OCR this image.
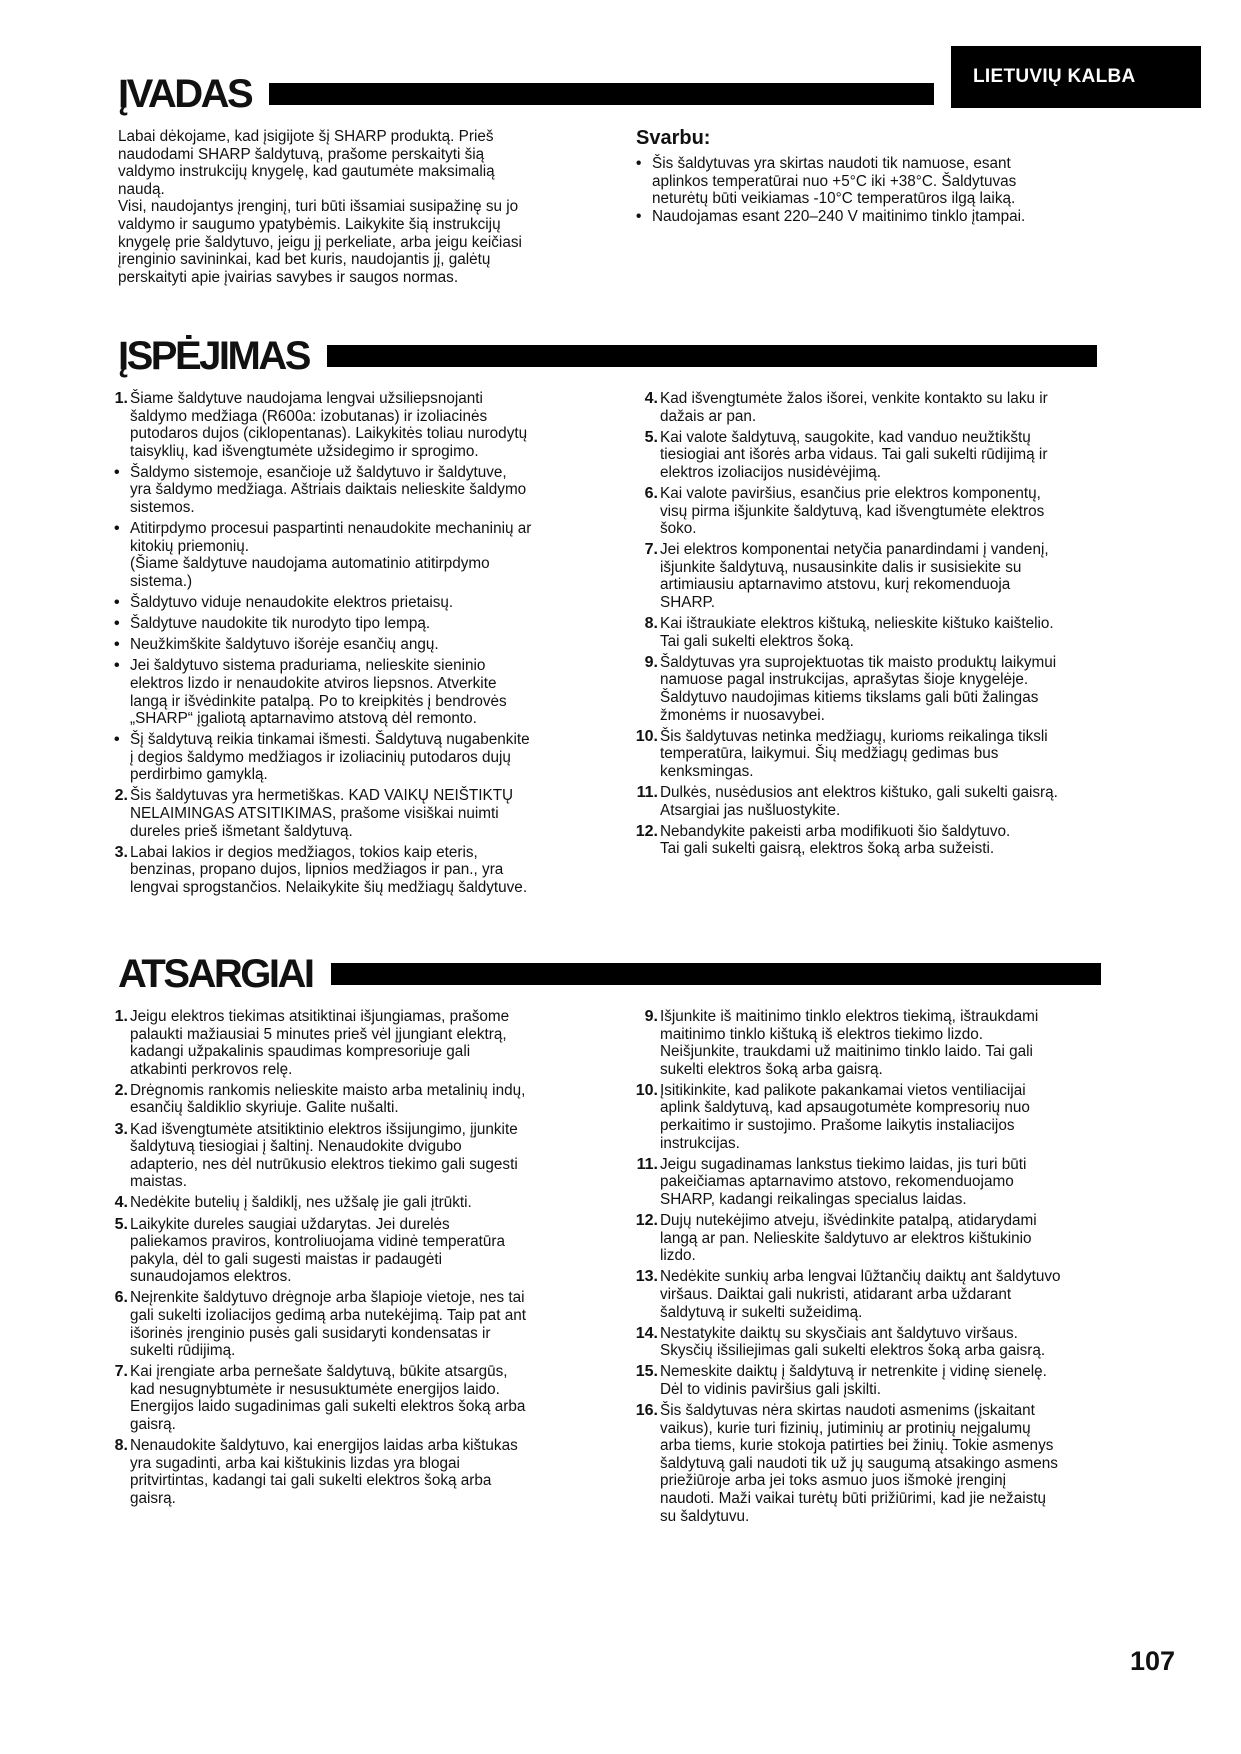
LIETUVIŲ KALBA
ĮVADAS

Labai dėkojame, kad įsigijote šį SHARP produktą. Prieš

naudodami SHARP šaldytuvą, prašome perskaityti šią

valdymo instrukcijų knygelę, kad gautumėte maksimalią

naudą.

Visi, naudojantys įrenginį, turi būti išsamiai susipažinę su jo

valdymo ir saugumo ypatybėmis. Laikykite šią instrukcijų

knygelę prie šaldytuvo, jeigu jį perkeliate, arba jeigu keičiasi

įrenginio savininkai, kad bet kuris, naudojantis jį, galėtų

perskaityti apie įvairias savybes ir saugos normas.

Svarbu:
• Šis šaldytuvas yra skirtas naudoti tik namuose, esant
aplinkos temperatūrai nuo +5°C iki +38°C. Šaldytuvas
neturėtų būti veikiamas -10°C temperatūros ilgą laiką.
• Naudojamas esant 220–240 V maitinimo tinklo įtampai.
ĮSPĖJIMAS
1. Šiame šaldytuve naudojama lengvai užsiliepsnojanti
šaldymo medžiaga (R600a: izobutanas) ir izoliacinės
putodaros dujos (ciklopentanas). Laikykitės toliau nurodytų
taisyklių, kad išvengtumėte užsidegimo ir sprogimo.
• Šaldymo sistemoje, esančioje už šaldytuvo ir šaldytuve,
yra šaldymo medžiaga. Aštriais daiktais nelieskite šaldymo
sistemos.
• Atitirpdymo procesui paspartinti nenaudokite mechaninių ar
kitokių priemonių.
(Šiame šaldytuve naudojama automatinio atitirpdymo
sistema.)
• Šaldytuvo viduje nenaudokite elektros prietaisų.
• Šaldytuve naudokite tik nurodyto tipo lempą.
• Neužkimškite šaldytuvo išorėje esančių angų.
• Jei šaldytuvo sistema praduriama, nelieskite sieninio
elektros lizdo ir nenaudokite atviros liepsnos. Atverkite
langą ir išvėdinkite patalpą. Po to kreipkitės į bendrovės
„SHARP“ įgaliotą aptarnavimo atstovą dėl remonto.
• Šį šaldytuvą reikia tinkamai išmesti. Šaldytuvą nugabenkite
į degios šaldymo medžiagos ir izoliacinių putodaros dujų
perdirbimo gamyklą.
2. Šis šaldytuvas yra hermetiškas. KAD VAIKŲ NEIŠTIKTŲ
NELAIMINGAS ATSITIKIMAS, prašome visiškai nuimti
dureles prieš išmetant šaldytuvą.
3. Labai lakios ir degios medžiagos, tokios kaip eteris,
benzinas, propano dujos, lipnios medžiagos ir pan., yra
lengvai sprogstančios. Nelaikykite šių medžiagų šaldytuve.
4. Kad išvengtumėte žalos išorei, venkite kontakto su laku ir
dažais ar pan.
5. Kai valote šaldytuvą, saugokite, kad vanduo neužtikštų
tiesiogiai ant išorės arba vidaus. Tai gali sukelti rūdijimą ir
elektros izoliacijos nusidėvėjimą.
6. Kai valote paviršius, esančius prie elektros komponentų,
visų pirma išjunkite šaldytuvą, kad išvengtumėte elektros
šoko.
7. Jei elektros komponentai netyčia panardindami į vandenį,
išjunkite šaldytuvą, nusausinkite dalis ir susisiekite su
artimiausiu aptarnavimo atstovu, kurį rekomenduoja
SHARP.
8. Kai ištraukiate elektros kištuką, nelieskite kištuko kaištelio.
Tai gali sukelti elektros šoką.
9. Šaldytuvas yra suprojektuotas tik maisto produktų laikymui
namuose pagal instrukcijas, aprašytas šioje knygelėje.
Šaldytuvo naudojimas kitiems tikslams gali būti žalingas
žmonėms ir nuosavybei.
10. Šis šaldytuvas netinka medžiagų, kurioms reikalinga tiksli
temperatūra, laikymui. Šių medžiagų gedimas bus
kenksmingas.
11. Dulkės, nusėdusios ant elektros kištuko, gali sukelti gaisrą.
Atsargiai jas nušluostykite.
12. Nebandykite pakeisti arba modifikuoti šio šaldytuvo.
Tai gali sukelti gaisrą, elektros šoką arba sužeisti.
ATSARGIAI
1. Jeigu elektros tiekimas atsitiktinai išjungiamas, prašome
palaukti mažiausiai 5 minutes prieš vėl įjungiant elektrą,
kadangi užpakalinis spaudimas kompresoriuje gali
atkabinti perkrovos relę.
2. Drėgnomis rankomis nelieskite maisto arba metalinių indų,
esančių šaldiklio skyriuje. Galite nušalti.
3. Kad išvengtumėte atsitiktinio elektros išsijungimo, įjunkite
šaldytuvą tiesiogiai į šaltinį. Nenaudokite dvigubo
adapterio, nes dėl nutrūkusio elektros tiekimo gali sugesti
maistas.
4. Nedėkite butelių į šaldiklį, nes užšalę jie gali įtrūkti.
5. Laikykite dureles saugiai uždarytas. Jei durelės
paliekamos praviros, kontroliuojama vidinė temperatūra
pakyla, dėl to gali sugesti maistas ir padaugėti
sunaudojamos elektros.
6. Neįrenkite šaldytuvo drėgnoje arba šlapioje vietoje, nes tai
gali sukelti izoliacijos gedimą arba nutekėjimą. Taip pat ant
išorinės įrenginio pusės gali susidaryti kondensatas ir
sukelti rūdijimą.
7. Kai įrengiate arba pernešate šaldytuvą, būkite atsargūs,
kad nesugnybtumėte ir nesusuktumėte energijos laido.
Energijos laido sugadinimas gali sukelti elektros šoką arba
gaisrą.
8. Nenaudokite šaldytuvo, kai energijos laidas arba kištukas
yra sugadinti, arba kai kištukinis lizdas yra blogai
pritvirtintas, kadangi tai gali sukelti elektros šoką arba
gaisrą.
9. Išjunkite iš maitinimo tinklo elektros tiekimą, ištraukdami
maitinimo tinklo kištuką iš elektros tiekimo lizdo.
Neišjunkite, traukdami už maitinimo tinklo laido. Tai gali
sukelti elektros šoką arba gaisrą.
10. Įsitikinkite, kad palikote pakankamai vietos ventiliacijai
aplink šaldytuvą, kad apsaugotumėte kompresorių nuo
perkaitimo ir sustojimo. Prašome laikytis instaliacijos
instrukcijas.
11. Jeigu sugadinamas lankstus tiekimo laidas, jis turi būti
pakeičiamas aptarnavimo atstovo, rekomenduojamo
SHARP, kadangi reikalingas specialus laidas.
12. Dujų nutekėjimo atveju, išvėdinkite patalpą, atidarydami
langą ar pan. Nelieskite šaldytuvo ar elektros kištukinio
lizdo.
13. Nedėkite sunkių arba lengvai lūžtančių daiktų ant šaldytuvo
viršaus. Daiktai gali nukristi, atidarant arba uždarant
šaldytuvą ir sukelti sužeidimą.
14. Nestatykite daiktų su skysčiais ant šaldytuvo viršaus.
Skysčių išsiliejimas gali sukelti elektros šoką arba gaisrą.
15. Nemeskite daiktų į šaldytuvą ir netrenkite į vidinę sienelę.
Dėl to vidinis paviršius gali įskilti.
16. Šis šaldytuvas nėra skirtas naudoti asmenims (įskaitant
vaikus), kurie turi fizinių, jutiminių ar protinių neįgalumų
arba tiems, kurie stokoja patirties bei žinių. Tokie asmenys
šaldytuvą gali naudoti tik už jų saugumą atsakingo asmens
priežiūroje arba jei toks asmuo juos išmokė įrenginį
naudoti. Maži vaikai turėtų būti prižiūrimi, kad jie nežaistų
su šaldytuvu.
107
